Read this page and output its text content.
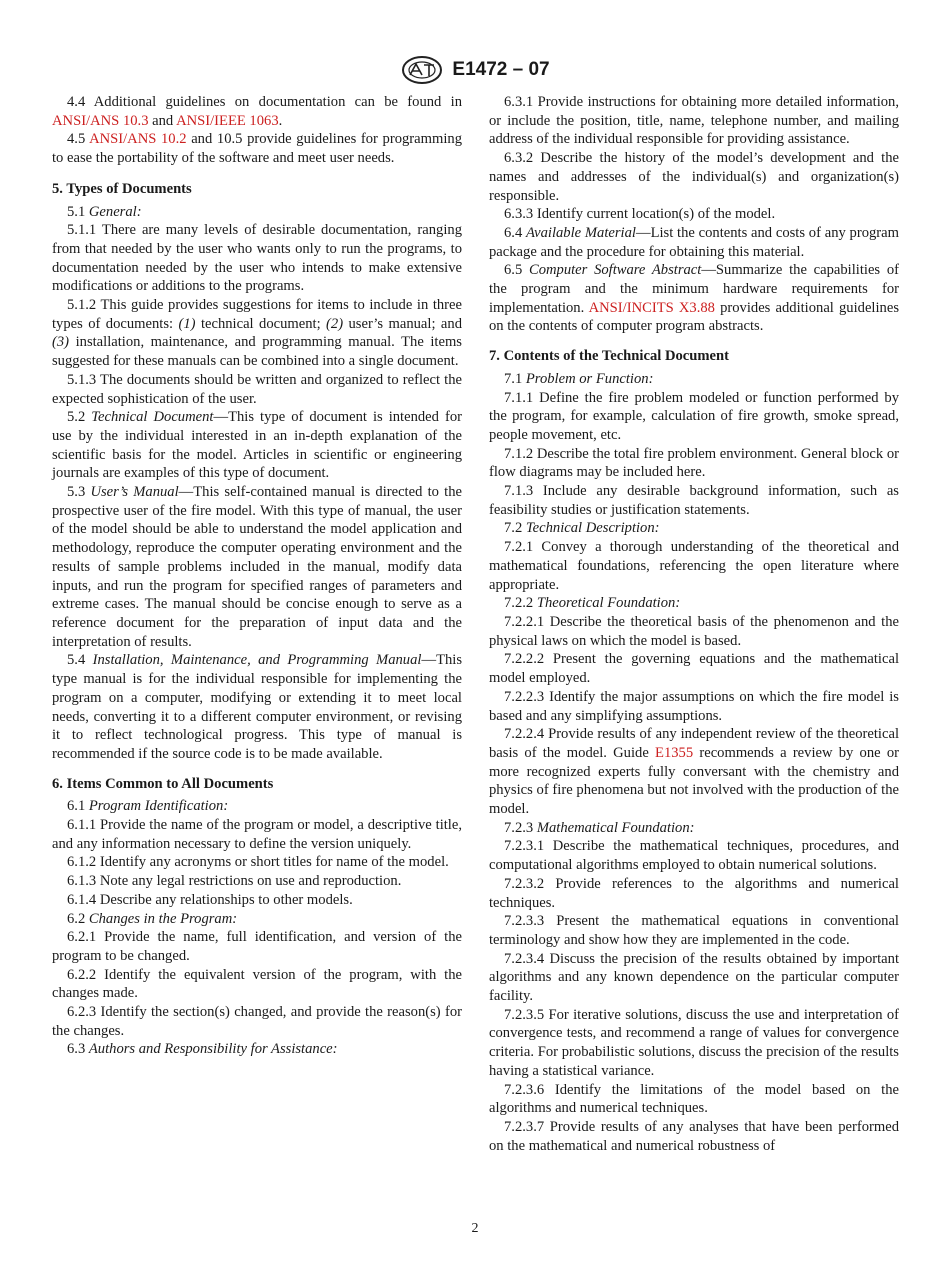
E1472 – 07

4.4 Additional guidelines on documentation can be found in ANSI/ANS 10.3 and ANSI/IEEE 1063.

4.5 ANSI/ANS 10.2 and 10.5 provide guidelines for programming to ease the portability of the software and meet user needs.

5. Types of Documents

5.1 General:

5.1.1 There are many levels of desirable documentation, ranging from that needed by the user who wants only to run the programs, to documentation needed by the user who intends to make extensive modifications or additions to the programs.

5.1.2 This guide provides suggestions for items to include in three types of documents: (1) technical document; (2) user’s manual; and (3) installation, maintenance, and programming manual. The items suggested for these manuals can be combined into a single document.

5.1.3 The documents should be written and organized to reflect the expected sophistication of the user.

5.2 Technical Document—This type of document is intended for use by the individual interested in an in-depth explanation of the scientific basis for the model. Articles in scientific or engineering journals are examples of this type of document.

5.3 User’s Manual—This self-contained manual is directed to the prospective user of the fire model. With this type of manual, the user of the model should be able to understand the model application and methodology, reproduce the computer operating environment and the results of sample problems included in the manual, modify data inputs, and run the program for specified ranges of parameters and extreme cases. The manual should be concise enough to serve as a reference document for the preparation of input data and the interpretation of results.

5.4 Installation, Maintenance, and Programming Manual—This type manual is for the individual responsible for implementing the program on a computer, modifying or extending it to meet local needs, converting it to a different computer environment, or revising it to reflect technological progress. This type of manual is recommended if the source code is to be made available.

6. Items Common to All Documents

6.1 Program Identification:

6.1.1 Provide the name of the program or model, a descriptive title, and any information necessary to define the version uniquely.

6.1.2 Identify any acronyms or short titles for name of the model.

6.1.3 Note any legal restrictions on use and reproduction.

6.1.4 Describe any relationships to other models.

6.2 Changes in the Program:

6.2.1 Provide the name, full identification, and version of the program to be changed.

6.2.2 Identify the equivalent version of the program, with the changes made.

6.2.3 Identify the section(s) changed, and provide the reason(s) for the changes.

6.3 Authors and Responsibility for Assistance:

6.3.1 Provide instructions for obtaining more detailed information, or include the position, title, name, telephone number, and mailing address of the individual responsible for providing assistance.

6.3.2 Describe the history of the model’s development and the names and addresses of the individual(s) and organization(s) responsible.

6.3.3 Identify current location(s) of the model.

6.4 Available Material—List the contents and costs of any program package and the procedure for obtaining this material.

6.5 Computer Software Abstract—Summarize the capabilities of the program and the minimum hardware requirements for implementation. ANSI/INCITS X3.88 provides additional guidelines on the contents of computer program abstracts.

7. Contents of the Technical Document

7.1 Problem or Function:

7.1.1 Define the fire problem modeled or function performed by the program, for example, calculation of fire growth, smoke spread, people movement, etc.

7.1.2 Describe the total fire problem environment. General block or flow diagrams may be included here.

7.1.3 Include any desirable background information, such as feasibility studies or justification statements.

7.2 Technical Description:

7.2.1 Convey a thorough understanding of the theoretical and mathematical foundations, referencing the open literature where appropriate.

7.2.2 Theoretical Foundation:

7.2.2.1 Describe the theoretical basis of the phenomenon and the physical laws on which the model is based.

7.2.2.2 Present the governing equations and the mathematical model employed.

7.2.2.3 Identify the major assumptions on which the fire model is based and any simplifying assumptions.

7.2.2.4 Provide results of any independent review of the theoretical basis of the model. Guide E1355 recommends a review by one or more recognized experts fully conversant with the chemistry and physics of fire phenomena but not involved with the production of the model.

7.2.3 Mathematical Foundation:

7.2.3.1 Describe the mathematical techniques, procedures, and computational algorithms employed to obtain numerical solutions.

7.2.3.2 Provide references to the algorithms and numerical techniques.

7.2.3.3 Present the mathematical equations in conventional terminology and show how they are implemented in the code.

7.2.3.4 Discuss the precision of the results obtained by important algorithms and any known dependence on the particular computer facility.

7.2.3.5 For iterative solutions, discuss the use and interpretation of convergence tests, and recommend a range of values for convergence criteria. For probabilistic solutions, discuss the precision of the results having a statistical variance.

7.2.3.6 Identify the limitations of the model based on the algorithms and numerical techniques.

7.2.3.7 Provide results of any analyses that have been performed on the mathematical and numerical robustness of

2
